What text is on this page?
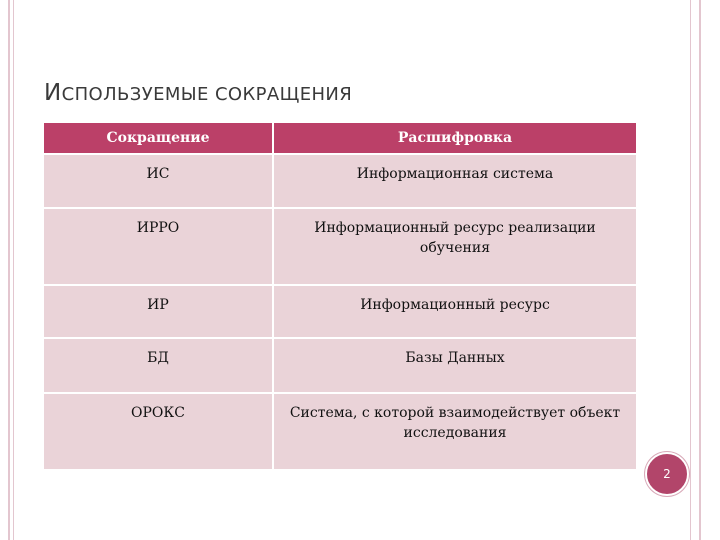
ИСПОЛЬЗУЕМЫЕ СОКРАЩЕНИЯ
Сокращение	Расшифровка
ИС	Информационная система
ИРРО	Информационный ресурс реализации обучения
ИР	Информационный ресурс
БД	Базы Данных
ОРОКС	Система, с которой взаимодействует объект исследования
2
